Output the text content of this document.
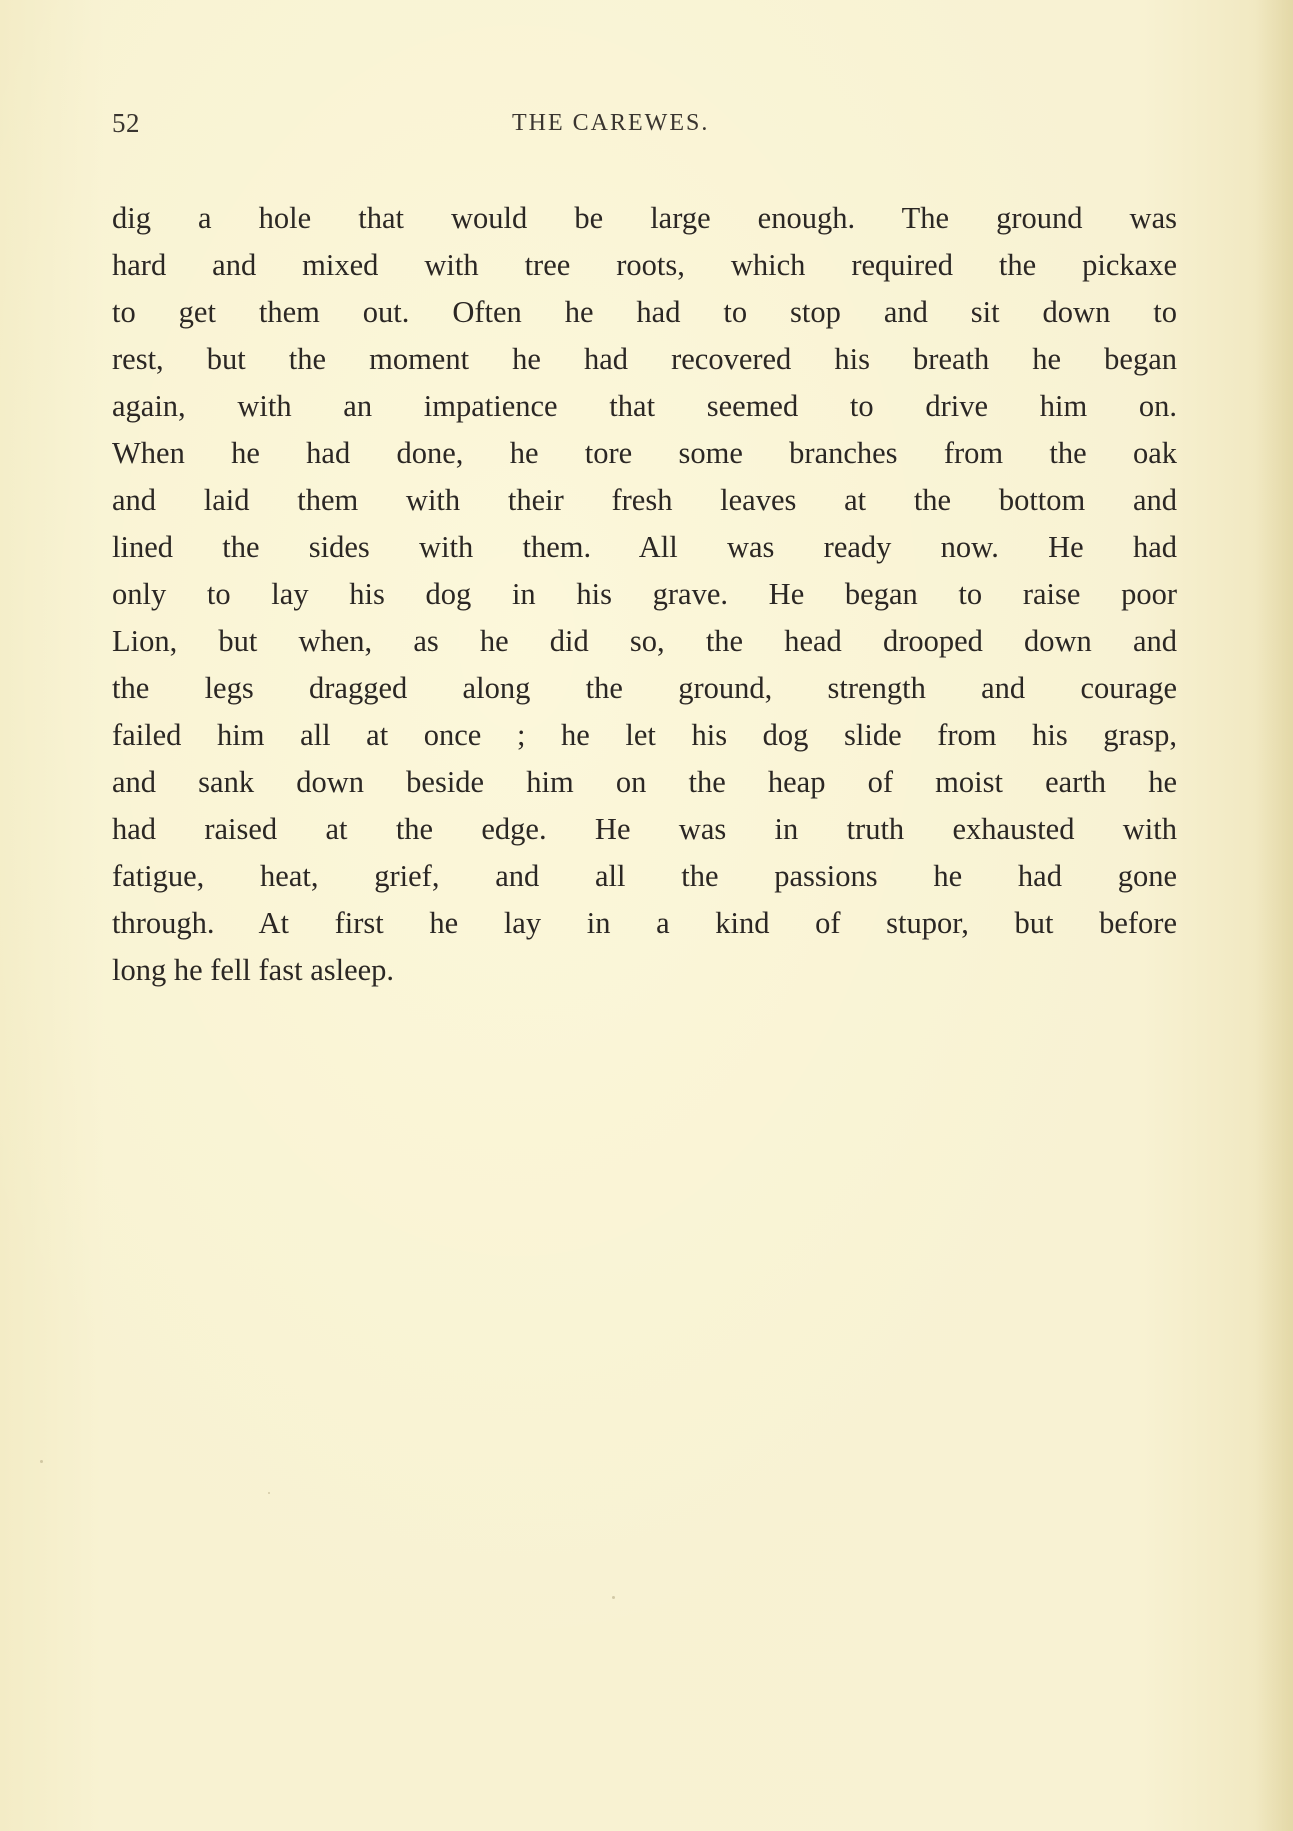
52	THE CAREWES.
dig a hole that would be large enough. The ground was
hard and mixed with tree roots, which required the pickaxe
to get them out. Often he had to stop and sit down to
rest, but the moment he had recovered his breath he began
again, with an impatience that seemed to drive him on.
When he had done, he tore some branches from the oak
and laid them with their fresh leaves at the bottom and
lined the sides with them. All was ready now. He had
only to lay his dog in his grave. He began to raise poor
Lion, but when, as he did so, the head drooped down and
the legs dragged along the ground, strength and courage
failed him all at once ; he let his dog slide from his grasp,
and sank down beside him on the heap of moist earth he
had raised at the edge. He was in truth exhausted with
fatigue, heat, grief, and all the passions he had gone
through. At first he lay in a kind of stupor, but before
long he fell fast asleep.
